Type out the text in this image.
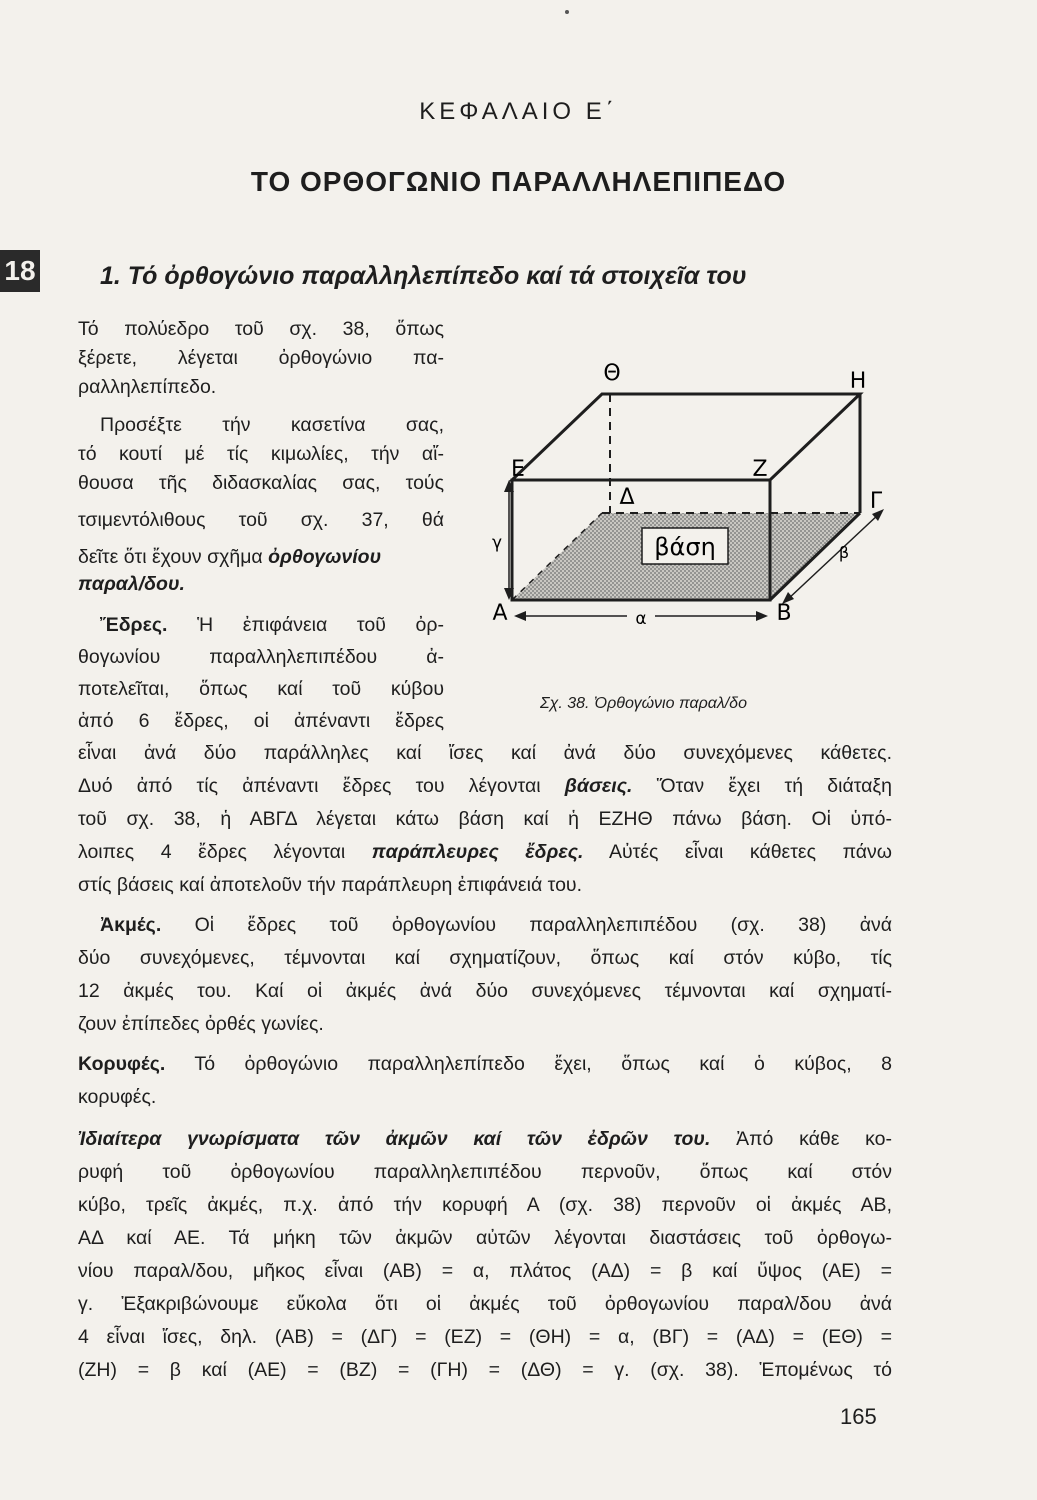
ΚΕΦΑΛΑΙΟ Ε΄
ΤΟ ΟΡΘΟΓΩΝΙΟ ΠΑΡΑΛΛΗΛΕΠΙΠΕΔΟ
18	1. Τό ὀρθογώνιο παραλληλεπίπεδο καί τά στοιχεῖα του
Τό πολύεδρο τοῦ σχ. 38, ὅπως
ξέρετε, λέγεται ὀρθογώνιο πα-
ραλληλεπίπεδο.
Προσέξτε τήν κασετίνα σας,
τό κουτί μέ τίς κιμωλίες, τήν αἴ-
θουσα τῆς διδασκαλίας σας, τούς
τσιμεντόλιθους τοῦ σχ. 37, θά
δεῖτε ὅτι ἔχουν σχῆμα ὀρθογωνίου
παραλ/δου.
Ἔδρες. Ἡ ἐπιφάνεια τοῦ ὀρ-
θογωνίου παραλληλεπιπέδου ἀ-
ποτελεῖται, ὅπως καί τοῦ κύβου
ἀπό 6 ἔδρες, οἱ ἀπέναντι ἔδρες
εἶναι ἀνά δύο παράλληλες καί ἴσες καί ἀνά δύο συνεχόμενες κάθετες.
Δυό ἀπό τίς ἀπέναντι ἔδρες του λέγονται βάσεις. Ὅταν ἔχει τή διάταξη
τοῦ σχ. 38, ἡ ΑΒΓΔ λέγεται κάτω βάση καί ἡ ΕΖΗΘ πάνω βάση. Οἱ ὑπό-
λοιπες 4 ἔδρες λέγονται παράπλευρες ἔδρες. Αὐτές εἶναι κάθετες πάνω
στίς βάσεις καί ἀποτελοῦν τήν παράπλευρη ἐπιφάνειά του.
Ἀκμές. Οἱ ἔδρες τοῦ ὀρθογωνίου παραλληλεπιπέδου (σχ. 38) ἀνά
δύο συνεχόμενες, τέμνονται καί σχηματίζουν, ὅπως καί στόν κύβο, τίς
12 ἀκμές του. Καί οἱ ἀκμές ἀνά δύο συνεχόμενες τέμνονται καί σχηματί-
ζουν ἐπίπεδες ὀρθές γωνίες.
Κορυφές. Τό ὀρθογώνιο παραλληλεπίπεδο ἔχει, ὅπως καί ὁ κύβος, 8
κορυφές.
Ἰδιαίτερα γνωρίσματα τῶν ἀκμῶν καί τῶν ἐδρῶν του. Ἀπό κάθε κο-
ρυφή τοῦ ὀρθογωνίου παραλληλεπιπέδου περνοῦν, ὅπως καί στόν
κύβο, τρεῖς ἀκμές, π.χ. ἀπό τήν κορυφή Α (σχ. 38) περνοῦν οἱ ἀκμές ΑΒ,
ΑΔ καί ΑΕ. Τά μήκη τῶν ἀκμῶν αὐτῶν λέγονται διαστάσεις τοῦ ὀρθογω-
νίου παραλ/δου, μῆκος εἶναι (ΑΒ) = α, πλάτος (ΑΔ) = β καί ὕψος (ΑΕ) =
γ. Ἐξακριβώνουμε εὔκολα ὅτι οἱ ἀκμές τοῦ ὀρθογωνίου παραλ/δου ἀνά
4 εἶναι ἴσες, δηλ. (ΑΒ) = (ΔΓ) = (ΕΖ) = (ΘΗ) = α, (ΒΓ) = (ΑΔ) = (ΕΘ) =
(ΖΗ) = β καί (ΑΕ) = (ΒΖ) = (ΓΗ) = (ΔΘ) = γ. (σχ. 38). Ἑπομένως τό
βάση
α
γ	β
Α	Β
Γ
Δ
Ε	Ζ
Η
Θ
Σχ. 38. Ὀρθογώνιο παραλ/δο
165
